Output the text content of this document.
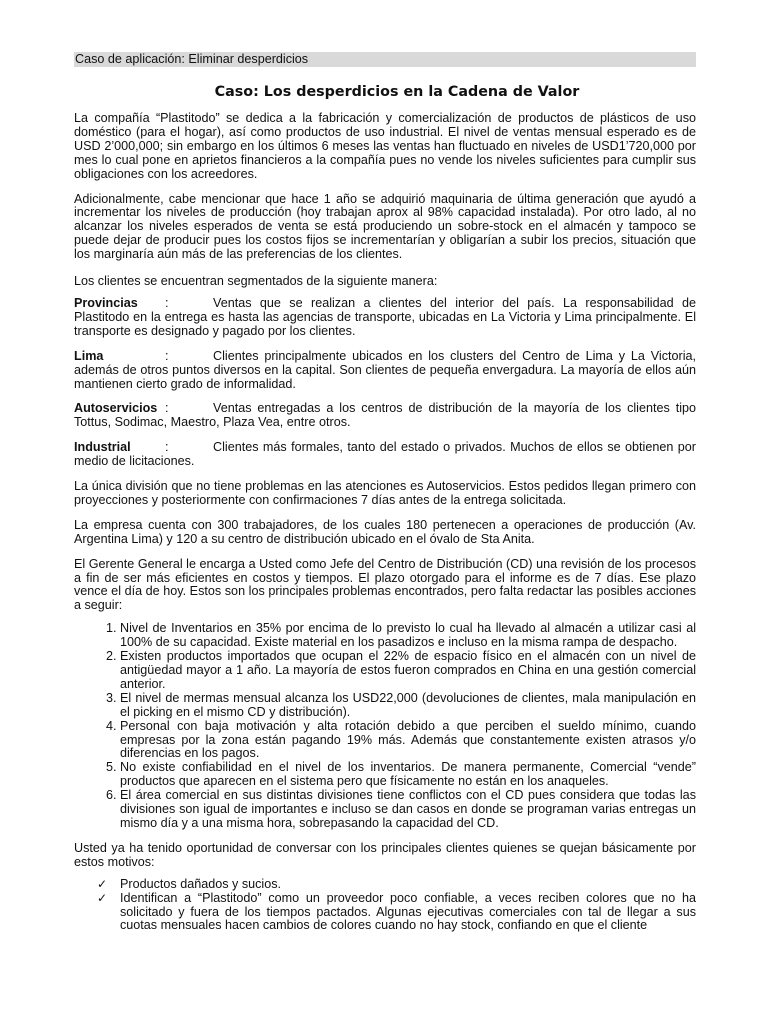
Caso de aplicación: Eliminar desperdicios
Caso: Los desperdicios en la Cadena de Valor

La compañía “Plastitodo” se dedica a la fabricación y comercialización de productos de plásticos de uso doméstico (para el hogar), así como productos de uso industrial. El nivel de ventas mensual esperado es de USD 2’000,000; sin embargo en los últimos 6 meses las ventas han fluctuado en niveles de USD1’720,000 por mes lo cual pone en aprietos financieros a la compañía pues no vende los niveles suficientes para cumplir sus obligaciones con los acreedores.

Adicionalmente, cabe mencionar que hace 1 año se adquirió maquinaria de última generación que ayudó a incrementar los niveles de producción (hoy trabajan aprox al 98% capacidad instalada). Por otro lado, al no alcanzar los niveles esperados de venta se está produciendo un sobre-stock en el almacén y tampoco se puede dejar de producir pues los costos fijos se incrementarían y obligarían a subir los precios, situación que los marginaría aún más de las preferencias de los clientes.

Los clientes se encuentran segmentados de la siguiente manera:

Provincias	:	Ventas que se realizan a clientes del interior del país. La responsabilidad de
Plastitodo en la entrega es hasta las agencias de transporte, ubicadas en La Victoria y Lima principalmente. El transporte es designado y pagado por los clientes.
Lima	:	Clientes principalmente ubicados en los clusters del Centro de Lima y La Victoria,
además de otros puntos diversos en la capital. Son clientes de pequeña envergadura. La mayoría de ellos aún mantienen cierto grado de informalidad.
Autoservicios :	Ventas entregadas a los centros de distribución de la mayoría de los clientes tipo
Tottus, Sodimac, Maestro, Plaza Vea, entre otros.
Industrial	:	Clientes más formales, tanto del estado o privados. Muchos de ellos se obtienen por
medio de licitaciones.

La única división que no tiene problemas en las atenciones es Autoservicios. Estos pedidos llegan primero con proyecciones y posteriormente con confirmaciones 7 días antes de la entrega solicitada.

La empresa cuenta con 300 trabajadores, de los cuales 180 pertenecen a operaciones de producción (Av. Argentina Lima) y 120 a su centro de distribución ubicado en el óvalo de Sta Anita.

El Gerente General le encarga a Usted como Jefe del Centro de Distribución (CD) una revisión de los procesos a fin de ser más eficientes en costos y tiempos. El plazo otorgado para el informe es de 7 días. Ese plazo vence el día de hoy. Estos son los principales problemas encontrados, pero falta redactar las posibles acciones a seguir:

1. Nivel de Inventarios en 35% por encima de lo previsto lo cual ha llevado al almacén a utilizar casi al 100% de su capacidad. Existe material en los pasadizos e incluso en la misma rampa de despacho.
2. Existen productos importados que ocupan el 22% de espacio físico en el almacén con un nivel de antigüedad mayor a 1 año. La mayoría de estos fueron comprados en China en una gestión comercial anterior.
3. El nivel de mermas mensual alcanza los USD22,000 (devoluciones de clientes, mala manipulación en el picking en el mismo CD y distribución).
4. Personal con baja motivación y alta rotación debido a que perciben el sueldo mínimo, cuando empresas por la zona están pagando 19% más. Además que constantemente existen atrasos y/o diferencias en los pagos.
5. No existe confiabilidad en el nivel de los inventarios. De manera permanente, Comercial “vende” productos que aparecen en el sistema pero que físicamente no están en los anaqueles.
6. El área comercial en sus distintas divisiones tiene conflictos con el CD pues considera que todas las divisiones son igual de importantes e incluso se dan casos en donde se programan varias entregas un mismo día y a una misma hora, sobrepasando la capacidad del CD.

Usted ya ha tenido oportunidad de conversar con los principales clientes quienes se quejan básicamente por estos motivos:

✓ Productos dañados y sucios.
✓ Identifican a “Plastitodo” como un proveedor poco confiable, a veces reciben colores que no ha solicitado y fuera de los tiempos pactados. Algunas ejecutivas comerciales con tal de llegar a sus cuotas mensuales hacen cambios de colores cuando no hay stock, confiando en que el cliente
